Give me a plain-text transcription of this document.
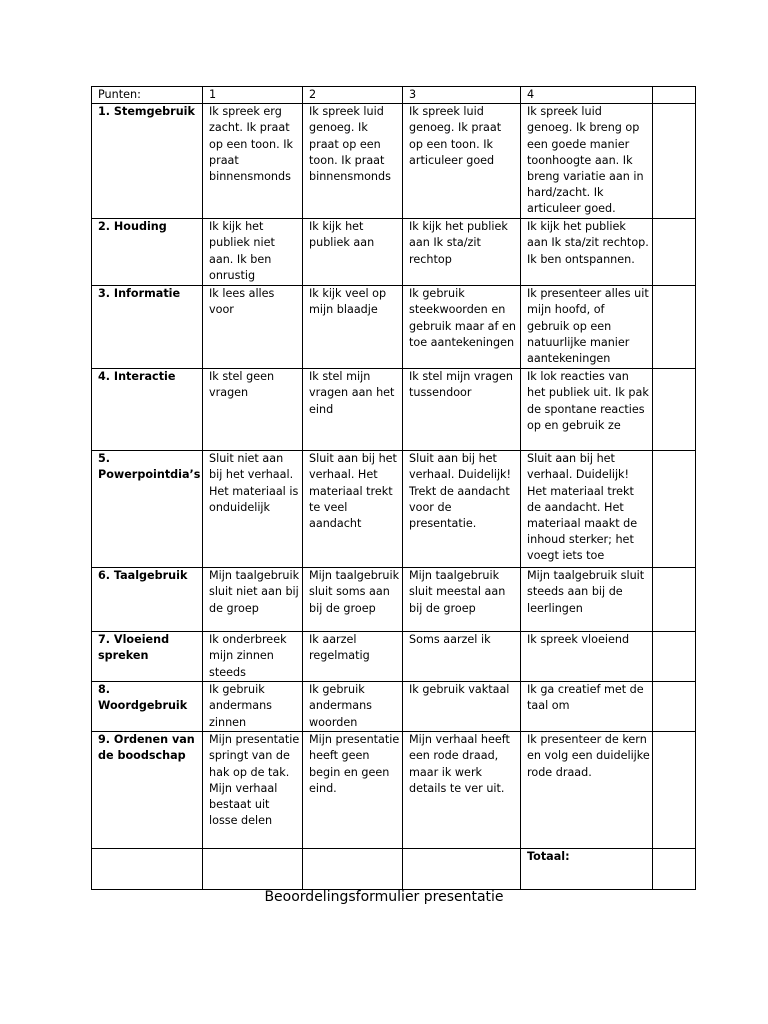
Punten:	1	2	3	4	
1. Stemgebruik	Ik spreek erg zacht. Ik praat op een toon. Ik praat binnensmonds	Ik spreek luid genoeg. Ik praat op een toon. Ik praat binnensmonds	Ik spreek luid genoeg. Ik praat op een toon. Ik articuleer goed	Ik spreek luid genoeg. Ik breng op een goede manier toonhoogte aan. Ik breng variatie aan in hard/zacht. Ik articuleer goed.	
2. Houding	Ik kijk het publiek niet aan. Ik ben onrustig	Ik kijk het publiek aan	Ik kijk het publiek aan Ik sta/zit rechtop	Ik kijk het publiek aan Ik sta/zit rechtop. Ik ben ontspannen.	
3. Informatie	Ik lees alles voor	Ik kijk veel op mijn blaadje	Ik gebruik steekwoorden en gebruik maar af en toe aantekeningen	Ik presenteer alles uit mijn hoofd, of gebruik op een natuurlijke manier aantekeningen	
4. Interactie	Ik stel geen vragen	Ik stel mijn vragen aan het eind	Ik stel mijn vragen tussendoor	Ik lok reacties van het publiek uit. Ik pak de spontane reacties op en gebruik ze	
5. Powerpointdia’s	Sluit niet aan bij het verhaal. Het materiaal is onduidelijk	Sluit aan bij het verhaal. Het materiaal trekt te veel aandacht	Sluit aan bij het verhaal. Duidelijk! Trekt de aandacht voor de presentatie.	Sluit aan bij het verhaal. Duidelijk! Het materiaal trekt de aandacht. Het materiaal maakt de inhoud sterker; het voegt iets toe	
6. Taalgebruik	Mijn taalgebruik sluit niet aan bij de groep	Mijn taalgebruik sluit soms aan bij de groep	Mijn taalgebruik sluit meestal aan bij de groep	Mijn taalgebruik sluit steeds aan bij de leerlingen	
7. Vloeiend spreken	Ik onderbreek mijn zinnen steeds	Ik aarzel regelmatig	Soms aarzel ik	Ik spreek vloeiend	
8. Woordgebruik	Ik gebruik andermans zinnen	Ik gebruik andermans woorden	Ik gebruik vaktaal	Ik ga creatief met de taal om	
9. Ordenen van de boodschap	Mijn presentatie springt van de hak op de tak. Mijn verhaal bestaat uit losse delen	Mijn presentatie heeft geen begin en geen eind.	Mijn verhaal heeft een rode draad, maar ik werk details te ver uit.	Ik presenteer de kern en volg een duidelijke rode draad.	
				Totaal:	
Beoordelingsformulier presentatie
